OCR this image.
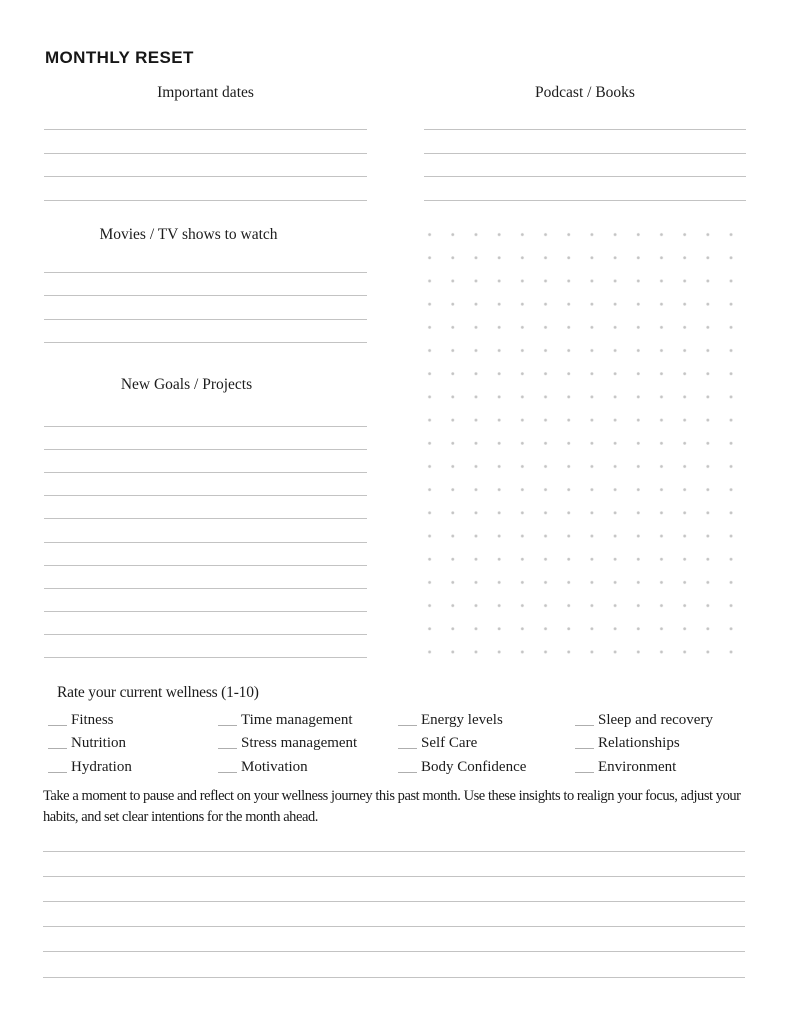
MONTHLY RESET
Important dates	Podcast / Books
Movies / TV shows to watch
New Goals / Projects
Rate your current wellness (1-10)
Fitness
Nutrition
Hydration
Time management
Stress management
Motivation
Energy levels
Self Care
Body Confidence
Sleep and recovery
Relationships
Environment
Take a moment to pause and reflect on your wellness journey this past month. Use these insights to realign your focus, adjust your habits, and set clear intentions for the month ahead.
